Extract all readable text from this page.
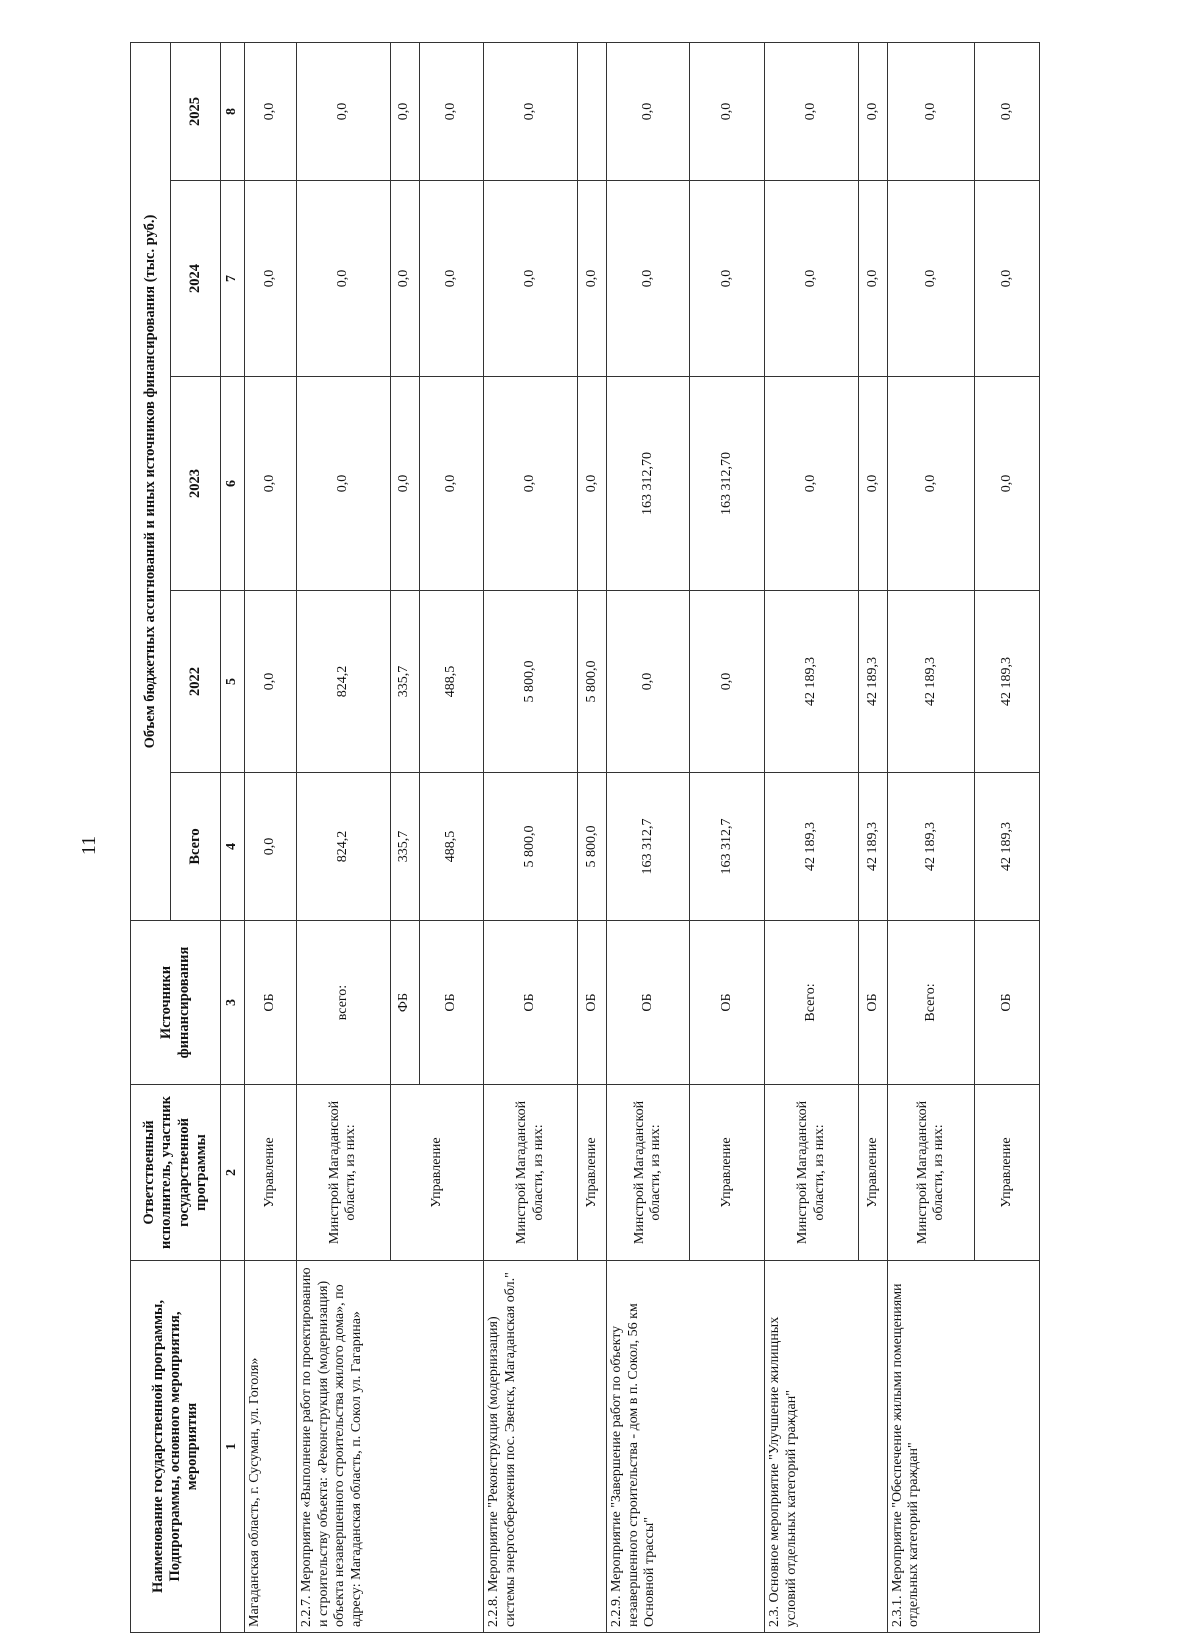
11
Наименование государственной программы, Подпрограммы, основного мероприятия, мероприятия	Ответственный исполнитель, участник государственной программы	Источники финансирования	Объем бюджетных ассигнований и иных источников финансирования (тыс. руб.)				
			Всего	2022	2023	2024	2025
1	2	3	4	5	6	7	8
Магаданская область, г. Сусуман, ул. Гоголя»	Управление	ОБ	0,0	0,0	0,0	0,0	0,0
2.2.7. Мероприятие «Выполнение работ по проектированию и строительству объекта: «Реконструкция (модернизация) объекта незавершенного строительства жилого дома», по адресу: Магаданская область, п. Сокол ул. Гагарина»	Минстрой Магаданской области, из них:	всего:	824,2	824,2	0,0	0,0	0,0
	Управление	ФБ	335,7	335,7	0,0	0,0	0,0
		ОБ	488,5	488,5	0,0	0,0	0,0
2.2.8. Мероприятие "Реконструкция (модернизация) системы энергосбережения пос. Эвенск, Магаданская обл."	Минстрой Магаданской области, из них:	ОБ	5 800,0	5 800,0	0,0	0,0	0,0
	Управление	ОБ	5 800,0	5 800,0	0,0	0,0	
2.2.9. Мероприятие "Завершение работ по объекту незавершенного строительства - дом в п. Сокол, 56 км Основной трассы"	Минстрой Магаданской области, из них:	ОБ	163 312,7	0,0	163 312,70	0,0	0,0
	Управление	ОБ	163 312,7	0,0	163 312,70	0,0	0,0
2.3. Основное мероприятие "Улучшение жилищных условий отдельных категорий граждан"	Минстрой Магаданской области, из них:	Всего:	42 189,3	42 189,3	0,0	0,0	0,0
	Управление	ОБ	42 189,3	42 189,3	0,0	0,0	0,0
2.3.1. Мероприятие "Обеспечение жилыми помещениями отдельных категорий граждан"	Минстрой Магаданской области, из них:	Всего:	42 189,3	42 189,3	0,0	0,0	0,0
	Управление	ОБ	42 189,3	42 189,3	0,0	0,0	0,0
